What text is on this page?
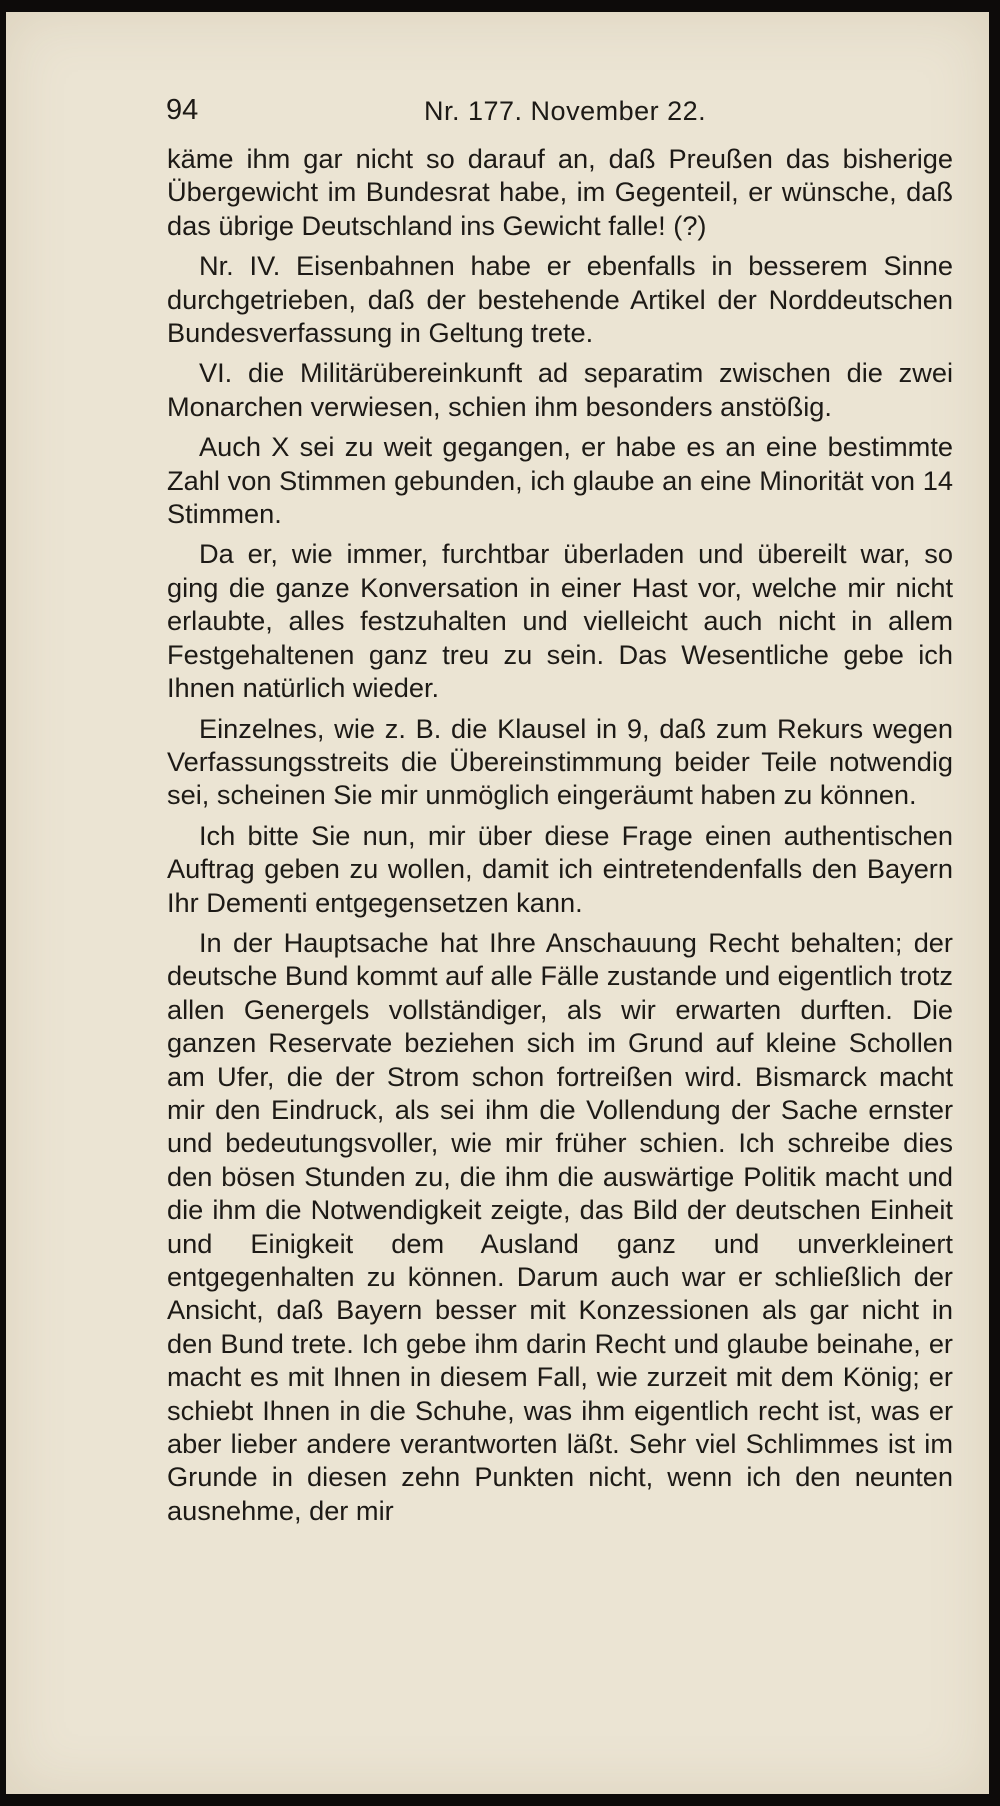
94	Nr. 177. November 22.

käme ihm gar nicht so darauf an, daß Preußen das bisherige Übergewicht im Bundesrat habe, im Gegenteil, er wünsche, daß das übrige Deutschland ins Gewicht falle! (?)

Nr. IV. Eisenbahnen habe er ebenfalls in besserem Sinne durchgetrieben, daß der bestehende Artikel der Norddeutschen Bundesverfassung in Geltung trete.

VI. die Militärübereinkunft ad separatim zwischen die zwei Monarchen verwiesen, schien ihm besonders anstößig.

Auch X sei zu weit gegangen, er habe es an eine bestimmte Zahl von Stimmen gebunden, ich glaube an eine Minorität von 14 Stimmen.

Da er, wie immer, furchtbar überladen und übereilt war, so ging die ganze Konversation in einer Hast vor, welche mir nicht erlaubte, alles festzuhalten und vielleicht auch nicht in allem Festgehaltenen ganz treu zu sein. Das Wesentliche gebe ich Ihnen natürlich wieder.

Einzelnes, wie z. B. die Klausel in 9, daß zum Rekurs wegen Verfassungsstreits die Übereinstimmung beider Teile notwendig sei, scheinen Sie mir unmöglich eingeräumt haben zu können.

Ich bitte Sie nun, mir über diese Frage einen authentischen Auftrag geben zu wollen, damit ich eintretendenfalls den Bayern Ihr Dementi entgegensetzen kann.

In der Hauptsache hat Ihre Anschauung Recht behalten; der deutsche Bund kommt auf alle Fälle zustande und eigentlich trotz allen Genergels vollständiger, als wir erwarten durften. Die ganzen Reservate beziehen sich im Grund auf kleine Schollen am Ufer, die der Strom schon fortreißen wird. Bismarck macht mir den Eindruck, als sei ihm die Vollendung der Sache ernster und bedeutungsvoller, wie mir früher schien. Ich schreibe dies den bösen Stunden zu, die ihm die auswärtige Politik macht und die ihm die Notwendigkeit zeigte, das Bild der deutschen Einheit und Einigkeit dem Ausland ganz und unverkleinert entgegenhalten zu können. Darum auch war er schließlich der Ansicht, daß Bayern besser mit Konzessionen als gar nicht in den Bund trete. Ich gebe ihm darin Recht und glaube beinahe, er macht es mit Ihnen in diesem Fall, wie zurzeit mit dem König; er schiebt Ihnen in die Schuhe, was ihm eigentlich recht ist, was er aber lieber andere verantworten läßt. Sehr viel Schlimmes ist im Grunde in diesen zehn Punkten nicht, wenn ich den neunten ausnehme, der mir
